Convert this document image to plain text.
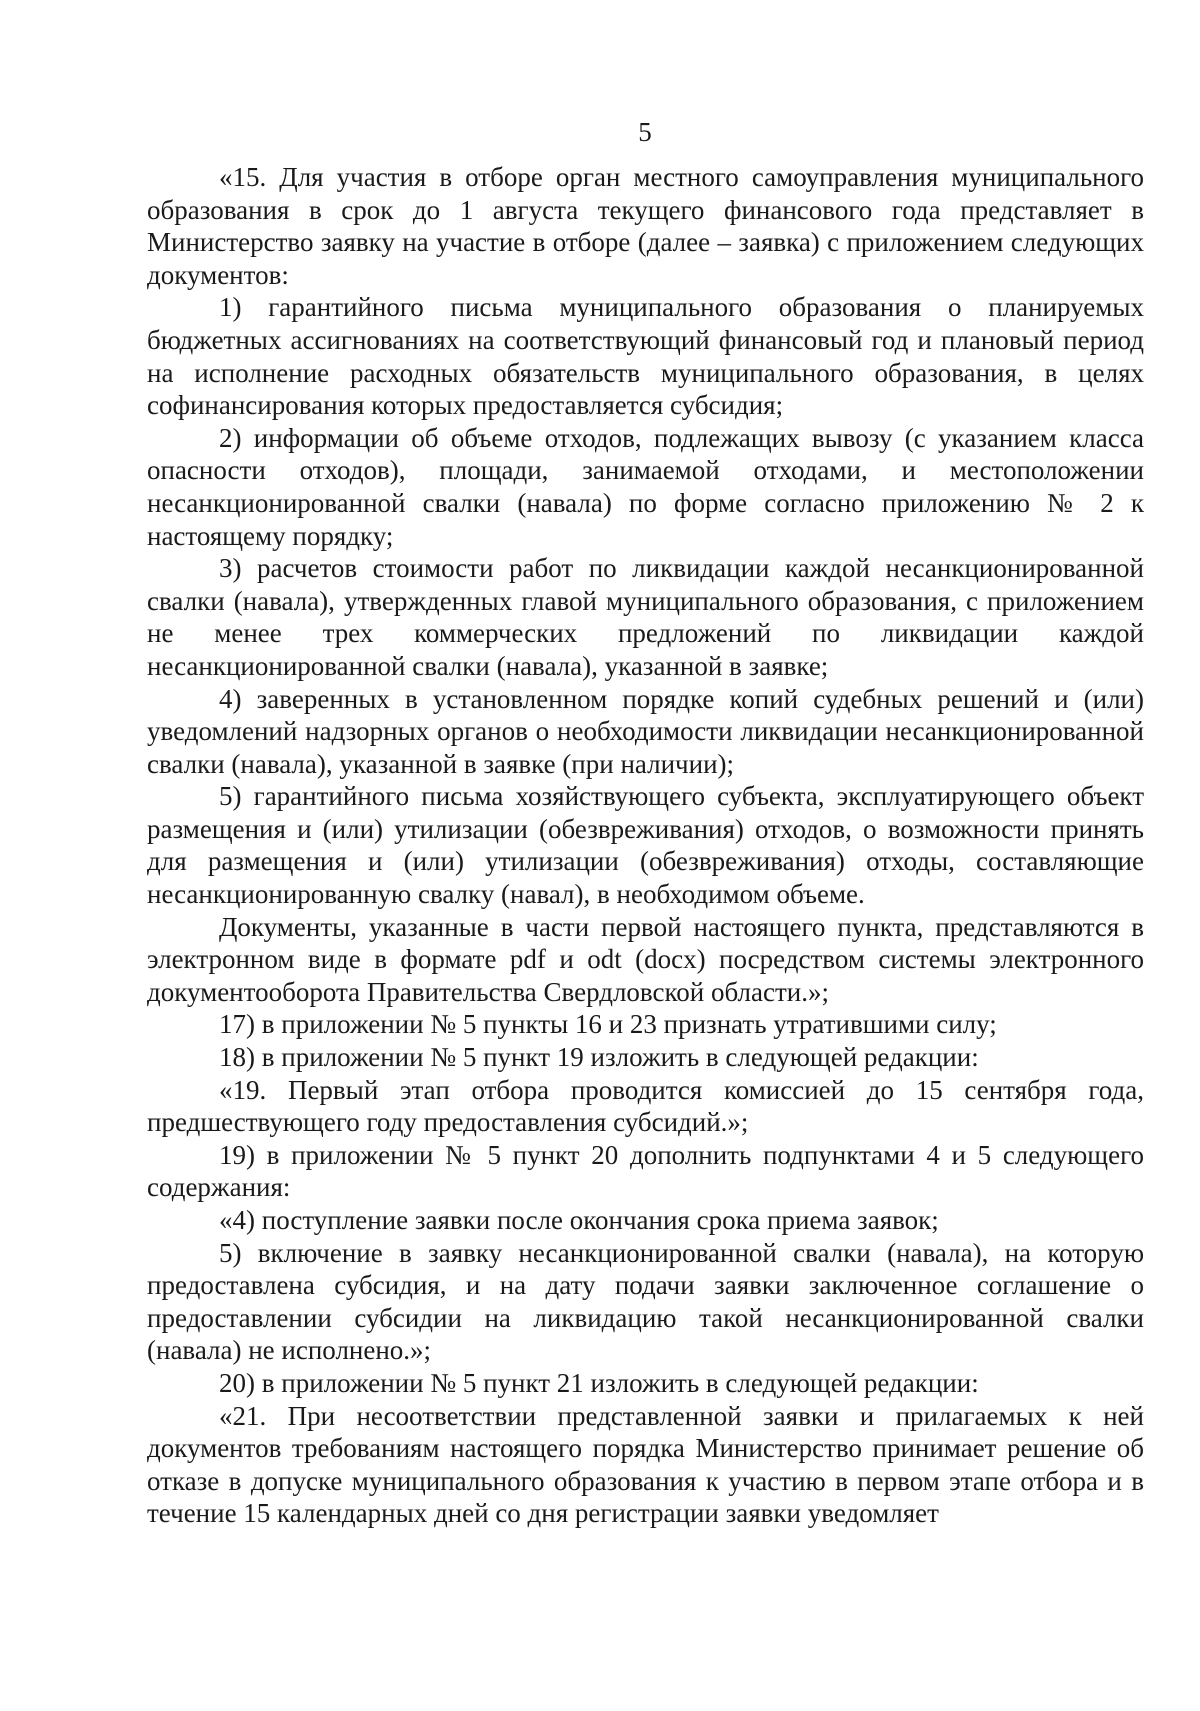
5

«15. Для участия в отборе орган местного самоуправления муниципального образования в срок до 1 августа текущего финансового года представляет в Министерство заявку на участие в отборе (далее – заявка) с приложением следующих документов:

1) гарантийного письма муниципального образования о планируемых бюджетных ассигнованиях на соответствующий финансовый год и плановый период на исполнение расходных обязательств муниципального образования, в целях софинансирования которых предоставляется субсидия;

2) информации об объеме отходов, подлежащих вывозу (с указанием класса опасности отходов), площади, занимаемой отходами, и местоположении несанкционированной свалки (навала) по форме согласно приложению № 2 к настоящему порядку;

3) расчетов стоимости работ по ликвидации каждой несанкционированной свалки (навала), утвержденных главой муниципального образования, с приложением не менее трех коммерческих предложений по ликвидации каждой несанкционированной свалки (навала), указанной в заявке;

4) заверенных в установленном порядке копий судебных решений и (или) уведомлений надзорных органов о необходимости ликвидации несанкционированной свалки (навала), указанной в заявке (при наличии);

5) гарантийного письма хозяйствующего субъекта, эксплуатирующего объект размещения и (или) утилизации (обезвреживания) отходов, о возможности принять для размещения и (или) утилизации (обезвреживания) отходы, составляющие несанкционированную свалку (навал), в необходимом объеме.

Документы, указанные в части первой настоящего пункта, представляются в электронном виде в формате pdf и odt (docx) посредством системы электронного документооборота Правительства Свердловской области.»;

17) в приложении № 5 пункты 16 и 23 признать утратившими силу;

18) в приложении № 5 пункт 19 изложить в следующей редакции:

«19. Первый этап отбора проводится комиссией до 15 сентября года, предшествующего году предоставления субсидий.»;

19) в приложении № 5 пункт 20 дополнить подпунктами 4 и 5 следующего содержания:

«4) поступление заявки после окончания срока приема заявок;

5) включение в заявку несанкционированной свалки (навала), на которую предоставлена субсидия, и на дату подачи заявки заключенное соглашение о предоставлении субсидии на ликвидацию такой несанкционированной свалки (навала) не исполнено.»;

20) в приложении № 5 пункт 21 изложить в следующей редакции:

«21. При несоответствии представленной заявки и прилагаемых к ней документов требованиям настоящего порядка Министерство принимает решение об отказе в допуске муниципального образования к участию в первом этапе отбора и в течение 15 календарных дней со дня регистрации заявки уведомляет
